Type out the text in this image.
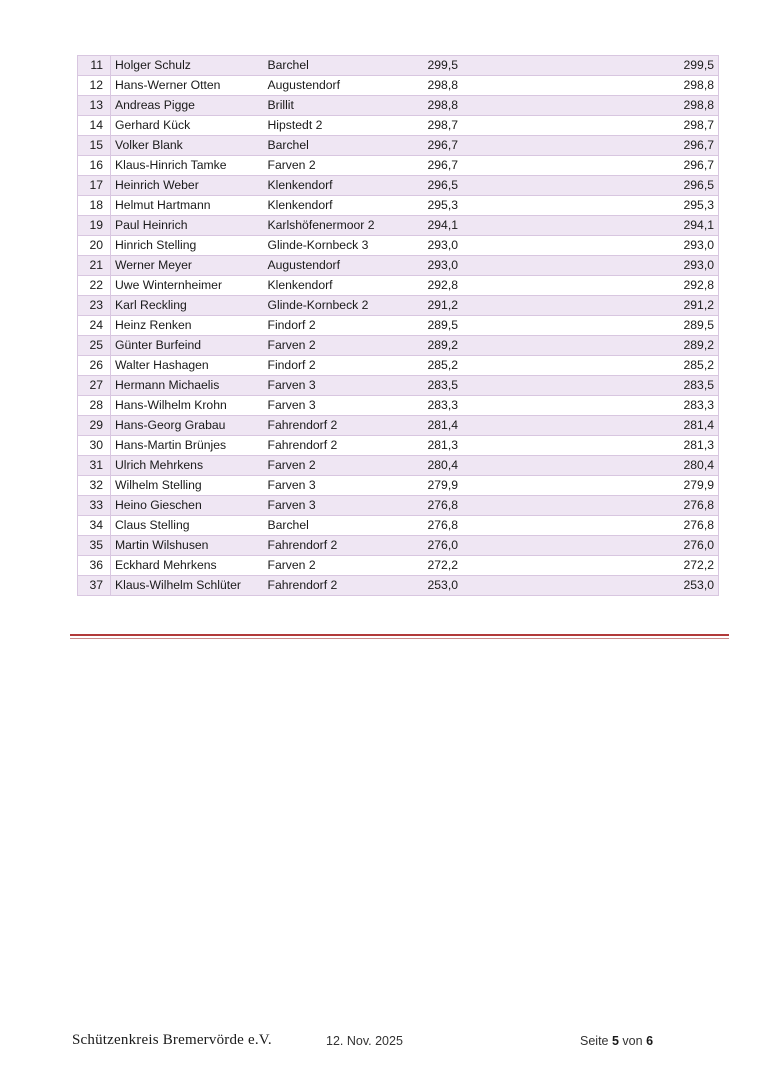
11	Holger Schulz	Barchel	299,5	299,5
12	Hans-Werner Otten	Augustendorf	298,8	298,8
13	Andreas Pigge	Brillit	298,8	298,8
14	Gerhard Kück	Hipstedt 2	298,7	298,7
15	Volker Blank	Barchel	296,7	296,7
16	Klaus-Hinrich Tamke	Farven 2	296,7	296,7
17	Heinrich Weber	Klenkendorf	296,5	296,5
18	Helmut Hartmann	Klenkendorf	295,3	295,3
19	Paul Heinrich	Karlshöfenermoor 2	294,1	294,1
20	Hinrich Stelling	Glinde-Kornbeck 3	293,0	293,0
21	Werner Meyer	Augustendorf	293,0	293,0
22	Uwe Winternheimer	Klenkendorf	292,8	292,8
23	Karl Reckling	Glinde-Kornbeck 2	291,2	291,2
24	Heinz Renken	Findorf 2	289,5	289,5
25	Günter Burfeind	Farven 2	289,2	289,2
26	Walter Hashagen	Findorf 2	285,2	285,2
27	Hermann Michaelis	Farven 3	283,5	283,5
28	Hans-Wilhelm Krohn	Farven 3	283,3	283,3
29	Hans-Georg Grabau	Fahrendorf 2	281,4	281,4
30	Hans-Martin Brünjes	Fahrendorf 2	281,3	281,3
31	Ulrich Mehrkens	Farven 2	280,4	280,4
32	Wilhelm Stelling	Farven 3	279,9	279,9
33	Heino Gieschen	Farven 3	276,8	276,8
34	Claus Stelling	Barchel	276,8	276,8
35	Martin Wilshusen	Fahrendorf 2	276,0	276,0
36	Eckhard Mehrkens	Farven 2	272,2	272,2
37	Klaus-Wilhelm Schlüter	Fahrendorf 2	253,0	253,0
Schützenkreis Bremervörde e.V.	12. Nov. 2025	Seite 5 von 6
